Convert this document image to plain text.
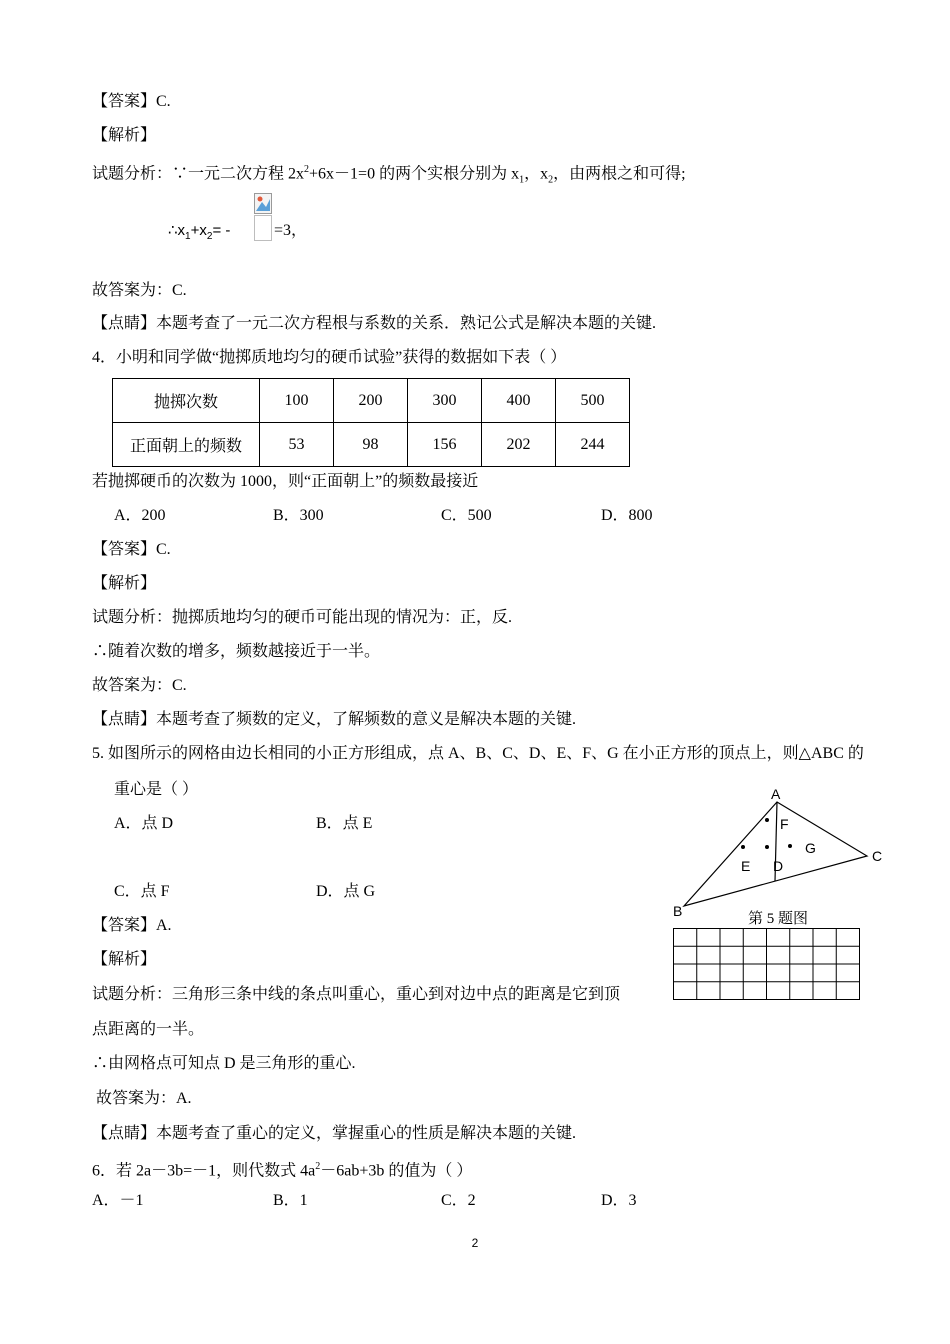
【答案】C.
【解析】
试题分析：∵一元二次方程 $2x^2+6x-1=0$ 的两个实根分别为 $x_1$，$x_2$，由两根之和可得;
$\therefore x_1+x_2=$ -	=3，
故答案为：C.
【点睛】本题考查了一元二次方程根与系数的关系．熟记公式是解决本题的关键.
4．小明和同学做“抛掷质地均匀的硬币试验”获得的数据如下表（ ）
抛掷次数	100	200	300	400	500
正面朝上的频数	53	98	156	202	244
若抛掷硬币的次数为 1000，则“正面朝上”的频数最接近
A．200	B．300	C．500	D．800
【答案】C.
【解析】
试题分析：抛掷质地均匀的硬币可能出现的情况为：正，反.
∴随着次数的增多，频数越接近于一半。
故答案为：C.
【点睛】本题考查了频数的定义，了解频数的意义是解决本题的关键.
5. 如图所示的网格由边长相同的小正方形组成，点 A、B、C、D、E、F、G 在小正方形的顶点上，则△ABC 的
重心是（ ）
A．点 D	B．点 E
C．点 F	D．点 G
A
B
C
D
E
F
G
第 5 题图
【答案】A.
【解析】
试题分析：三角形三条中线的条点叫重心，重心到对边中点的距离是它到顶
点距离的一半。
∴由网格点可知点 D 是三角形的重心.
故答案为：A.
【点睛】本题考查了重心的定义，掌握重心的性质是解决本题的关键.
6．若 2a－3b=－1，则代数式 $4a^2-6ab+3b$ 的值为（ ）
A．－1	B．1	C．2	D．3
2
